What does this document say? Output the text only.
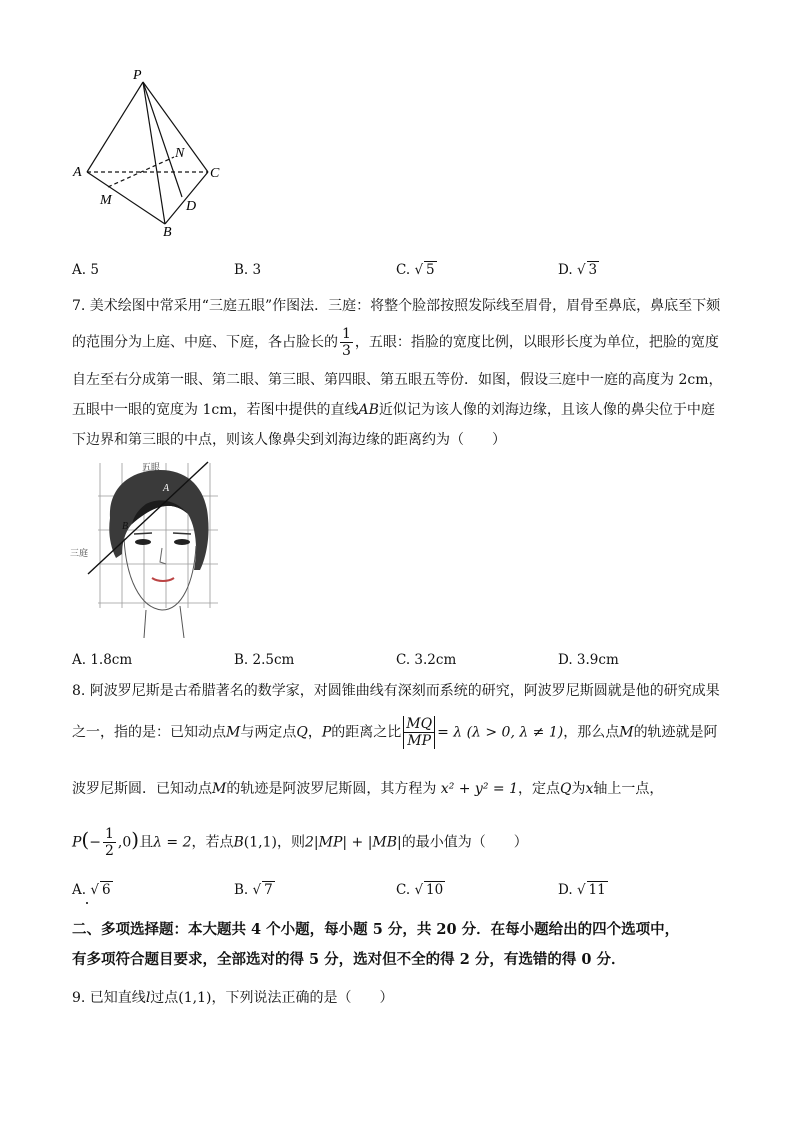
P
A	C
N
M	D
B
A. 5	B. 3	C. √ 5	D. √ 3
7. 美术绘图中常采用“三庭五眼”作图法．三庭：将整个脸部按照发际线至眉骨，眉骨至鼻底，鼻底至下颏
的范围分为上庭、中庭、下庭，各占脸长的 $\frac{1}{3}$ ，五眼：指脸的宽度比例，以眼形长度为单位，把脸的宽度
自左至右分成第一眼、第二眼、第三眼、第四眼、第五眼五等份．如图，假设三庭中一庭的高度为 2cm，
五眼中一眼的宽度为 1cm，若图中提供的直线AB近似记为该人像的刘海边缘，且该人像的鼻尖位于中庭
下边界和第三眼的中点，则该人像鼻尖到刘海边缘的距离约为（　　）
A
B
五眼
三庭
A. 1.8cm	B. 2.5cm	C. 3.2cm	D. 3.9cm
8. 阿波罗尼斯是古希腊著名的数学家，对圆锥曲线有深刻而系统的研究，阿波罗尼斯圆就是他的研究成果
之一，指的是：已知动点M与两定点Q，P的距离之比 $\frac{MQ}{MP} = \lambda$ (λ > 0, λ ≠ 1)，那么点M的轨迹就是阿
波罗尼斯圆．已知动点M的轨迹是阿波罗尼斯圆，其方程为 x² + y² = 1，定点Q为x轴上一点，
$P(- \frac{1}{2} ,0)$且λ = 2，若点B(1,1)，则2|MP| + |MB|的最小值为（　　）
A. √ 6	B. √ 7	C. √ 10	D. √ 11
二、多项选择题：本大题共 4 个小题，每小题 5 分，共 20 分．在每小题给出的四个选项中，
有多项符合题目要求，全部选对的得 5 分，选对但不全的得 2 分，有选错的得 0 分．
9. 已知直线l过点(1,1)，下列说法正确的是（　　）
